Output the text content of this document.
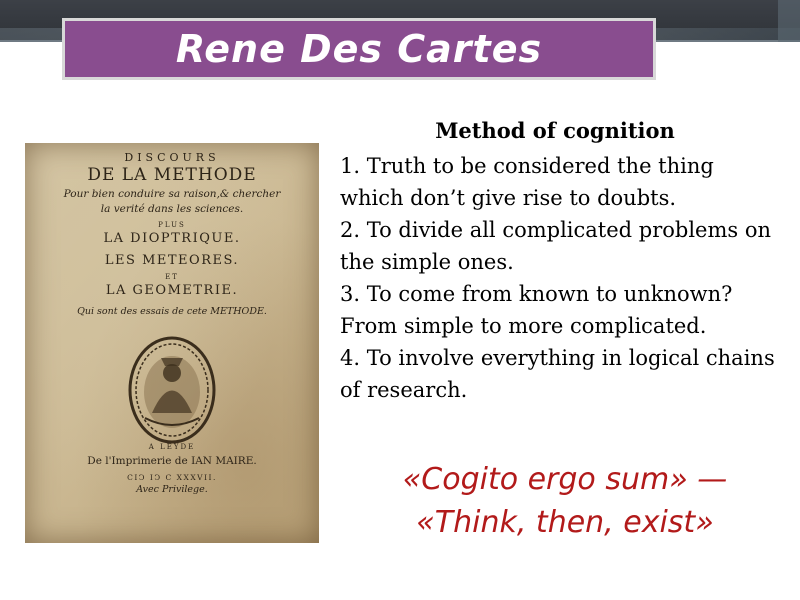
Rene Des Cartes
DISCOURS
DE LA METHODE
Pour bien conduire sa raison,& chercher
la verité dans les sciences.
PLUS
LA DIOPTRIQUE.
LES METEORES.
ET
LA GEOMETRIE.
Qui sont des essais de cete METHODE.
A LEYDE
De l'Imprimerie de IAN MAIRE.
CIϽ IϽ C XXXVII.
Avec Privilege.
Method of cognition
1. Truth to be considered the thing which don’t give rise to doubts.
2. To divide all complicated problems on the simple ones.
3. To come from known to unknown? From simple to more complicated.
4. To involve everything in logical chains of research.
«Cogito ergo sum» —
«Think, then, exist»
